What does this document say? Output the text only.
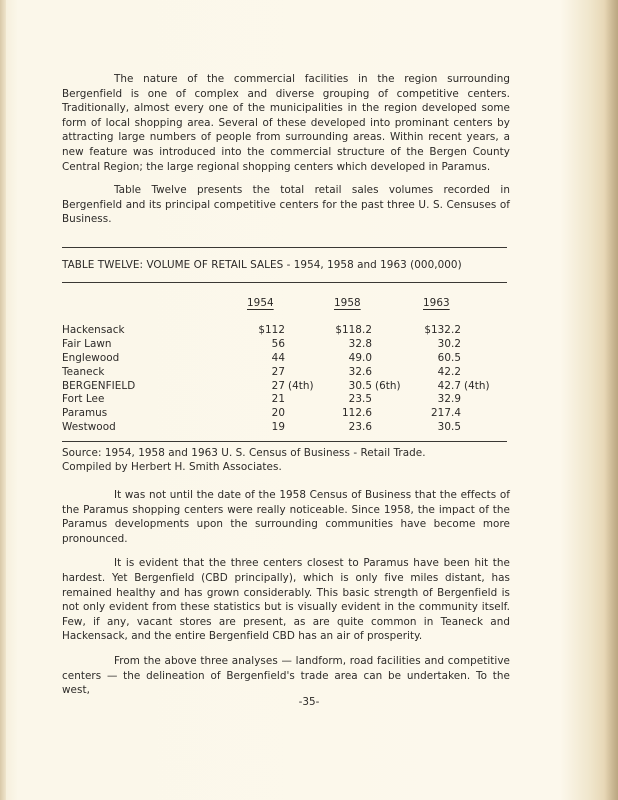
The nature of the commercial facilities in the region surrounding Bergenfield is one of complex and diverse grouping of competitive centers. Traditionally, almost every one of the municipalities in the region developed some form of local shopping area. Several of these developed into prominant centers by attracting large numbers of people from surrounding areas. Within recent years, a new feature was introduced into the commercial structure of the Bergen County Central Region; the large regional shopping centers which developed in Paramus.

Table Twelve presents the total retail sales volumes recorded in Bergenfield and its principal competitive centers for the past three U. S. Censuses of Business.

TABLE TWELVE: VOLUME OF RETAIL SALES - 1954, 1958 and 1963 (000,000)
	1954	1958	1963
Hackensack	$112	$118.2	$132.2
Fair Lawn	56	32.8	30.2
Englewood	44	49.0	60.5
Teaneck	27	32.6	42.2
BERGENFIELD	27 (4th)	30.5 (6th)	42.7 (4th)
Fort Lee	21	23.5	32.9
Paramus	20	112.6	217.4
Westwood	19	23.6	30.5
Source: 1954, 1958 and 1963 U. S. Census of Business - Retail Trade.
Compiled by Herbert H. Smith Associates.

It was not until the date of the 1958 Census of Business that the effects of the Paramus shopping centers were really noticeable. Since 1958, the impact of the Paramus developments upon the surrounding communities have become more pronounced.

It is evident that the three centers closest to Paramus have been hit the hardest. Yet Bergenfield (CBD principally), which is only five miles distant, has remained healthy and has grown considerably. This basic strength of Bergenfield is not only evident from these statistics but is visually evident in the community itself. Few, if any, vacant stores are present, as are quite common in Teaneck and Hackensack, and the entire Bergenfield CBD has an air of prosperity.

From the above three analyses — landform, road facilities and competitive centers — the delineation of Bergenfield's trade area can be undertaken. To the west,

-35-
